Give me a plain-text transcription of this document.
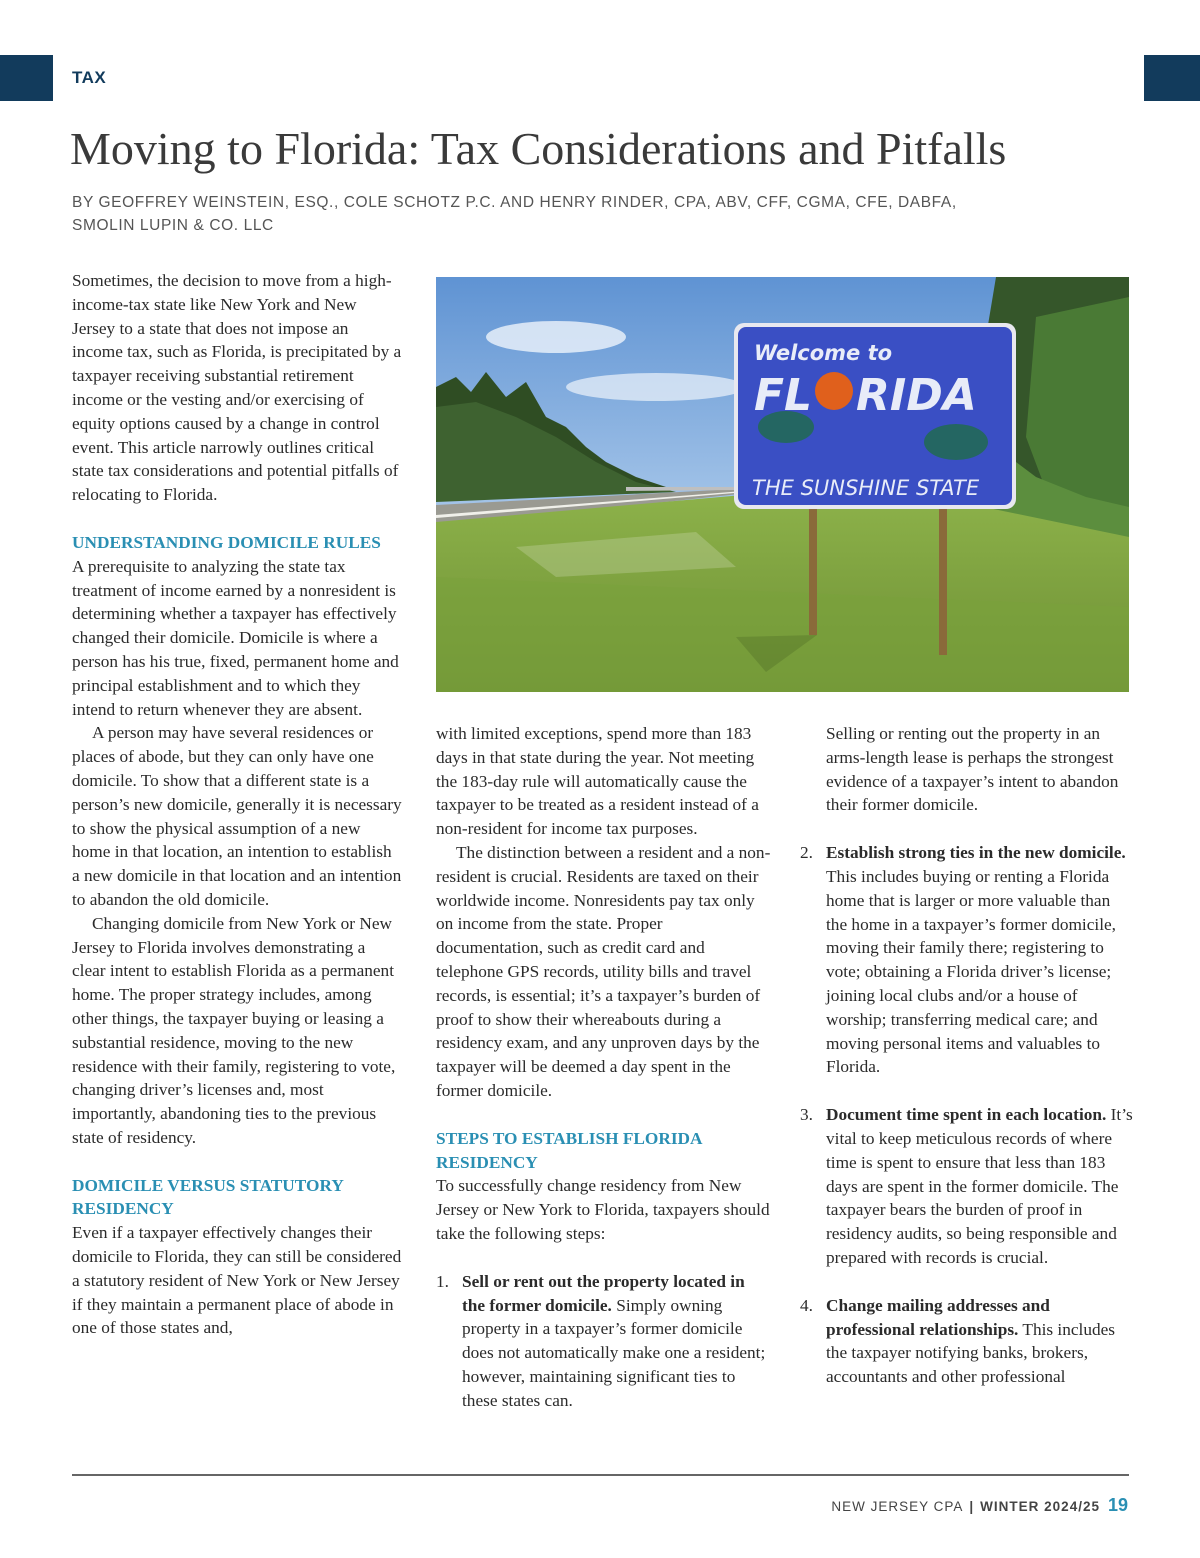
TAX
Moving to Florida: Tax Considerations and Pitfalls
BY GEOFFREY WEINSTEIN, ESQ., COLE SCHOTZ P.C. AND HENRY RINDER, CPA, ABV, CFF, CGMA, CFE, DABFA,
SMOLIN LUPIN & CO. LLC

Sometimes, the decision to move from a high-income-tax state like New York and New Jersey to a state that does not impose an income tax, such as Florida, is precipitated by a taxpayer receiving substantial retirement income or the vesting and/or exercising of equity options caused by a change in control event. This article narrowly outlines critical state tax considerations and potential pitfalls of relocating to Florida.

UNDERSTANDING DOMICILE RULES

A prerequisite to analyzing the state tax treatment of income earned by a nonresident is determining whether a taxpayer has effectively changed their domicile. Domicile is where a person has his true, fixed, permanent home and principal establishment and to which they intend to return whenever they are absent.

A person may have several residences or places of abode, but they can only have one domicile. To show that a different state is a person’s new domicile, generally it is necessary to show the physical assumption of a new home in that location, an intention to establish a new domicile in that location and an intention to abandon the old domicile.

Changing domicile from New York or New Jersey to Florida involves demonstrating a clear intent to establish Florida as a permanent home. The proper strategy includes, among other things, the taxpayer buying or leasing a substantial residence, moving to the new residence with their family, registering to vote, changing driver’s licenses and, most importantly, abandoning ties to the previous state of residency.

DOMICILE VERSUS STATUTORY RESIDENCY

Even if a taxpayer effectively changes their domicile to Florida, they can still be considered a statutory resident of New York or New Jersey if they maintain a permanent place of abode in one of those states and,

Welcome to
FL RIDA
THE SUNSHINE STATE

with limited exceptions, spend more than 183 days in that state during the year. Not meeting the 183-day rule will automatically cause the taxpayer to be treated as a resident instead of a non-resident for income tax purposes.

The distinction between a resident and a non-resident is crucial. Residents are taxed on their worldwide income. Nonresidents pay tax only on income from the state. Proper documentation, such as credit card and telephone GPS records, utility bills and travel records, is essential; it’s a taxpayer’s burden of proof to show their whereabouts during a residency exam, and any unproven days by the taxpayer will be deemed a day spent in the former domicile.

STEPS TO ESTABLISH FLORIDA RESIDENCY

To successfully change residency from New Jersey or New York to Florida, taxpayers should take the following steps:

1. Sell or rent out the property located in the former domicile. Simply owning property in a taxpayer’s former domicile does not automatically make one a resident; however, maintaining significant ties to these states can.

Selling or renting out the property in an arms-length lease is perhaps the strongest evidence of a taxpayer’s intent to abandon their former domicile.

2. Establish strong ties in the new domicile. This includes buying or renting a Florida home that is larger or more valuable than the home in a taxpayer’s former domicile, moving their family there; registering to vote; obtaining a Florida driver’s license; joining local clubs and/or a house of worship; transferring medical care; and moving personal items and valuables to Florida.
3. Document time spent in each location. It’s vital to keep meticulous records of where time is spent to ensure that less than 183 days are spent in the former domicile. The taxpayer bears the burden of proof in residency audits, so being responsible and prepared with records is crucial.
4. Change mailing addresses and professional relationships. This includes the taxpayer notifying banks, brokers, accountants and other professional
NEW JERSEY CPA | WINTER 2024/25 19
